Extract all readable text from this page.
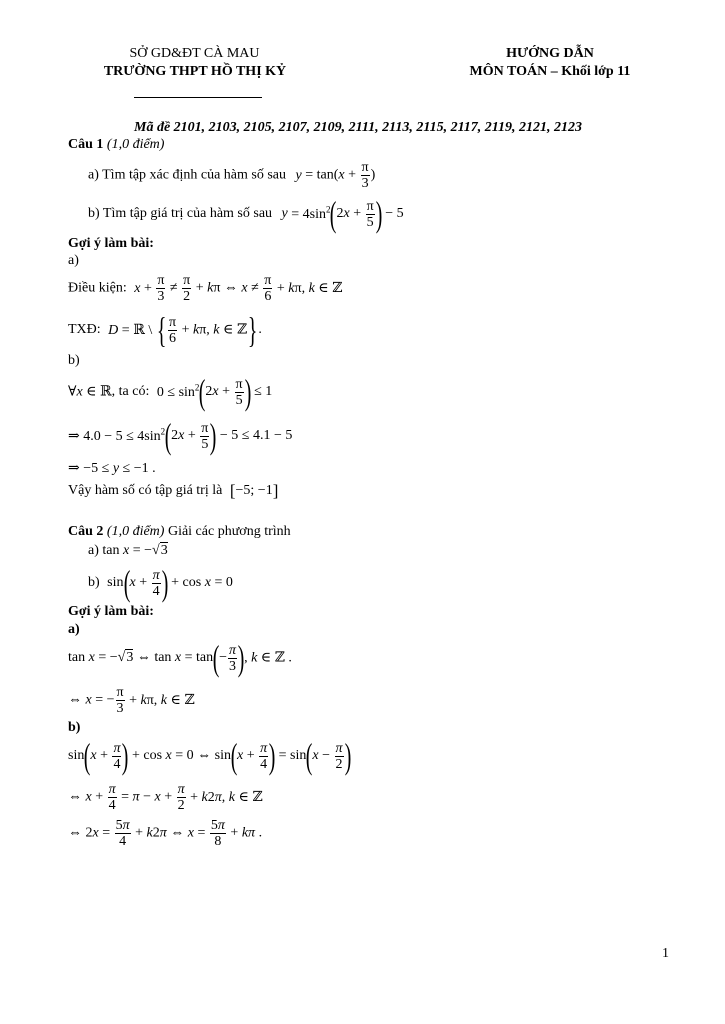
SỞ GD&ĐT CÀ MAU
TRƯỜNG THPT HỒ THỊ KỶ
HƯỚNG DẪN
MÔN TOÁN – Khối lớp 11
Mã đề 2101, 2103, 2105, 2107, 2109, 2111, 2113, 2115, 2117, 2119, 2121, 2123
Câu 1 (1,0 điểm)
a) Tìm tập xác định của hàm số sau $y = \tan(x + \frac{\pi}{3}$ )
b) Tìm tập giá trị của hàm số sau $y = 4\sin^2(2x + \frac{\pi}{5}$ ) − 5
Gợi ý làm bài:
a)
Điều kiện: $x + \frac{\pi}{3} \ne \frac{\pi}{2} + k\pi$ ⇔ $x \ne \frac{\pi}{6} + k\pi$, k ∈ ℤ
TXĐ: D = ℝ \ { $\frac{\pi}{6} + k\pi$, k ∈ ℤ}.
b)
∀x ∈ ℝ, ta có: $0 \le \sin^2(2x + \frac{\pi}{5}$ ) ≤ 1
⇒ $4.0 - 5 \le 4\sin^2(2x + \frac{\pi}{5}$ ) − 5 ≤ 4.1 − 5
⇒ −5 ≤ y ≤ −1 .
Vậy hàm số có tập giá trị là [−5; −1]
Câu 2 (1,0 điểm) Giải các phương trình
a) tan x = −√3
b) $\sin(x + \frac{\pi}{4}$ ) + cos x = 0
Gợi ý làm bài:
a)
tan x = −√3 ⇔ $\tan x = \tan(- \frac{\pi}{3}$ ), k ∈ ℤ .
⇔ x = − $\frac{\pi}{3} + k\pi$, k ∈ ℤ
b)
$\sin(x + \frac{\pi}{4}$ ) + cos x = 0 ⇔ $\sin(x + \frac{\pi}{4}$ ) = $\sin(x - \frac{\pi}{2}$ )
⇔ $x + \frac{\pi}{4} = \pi - x + \frac{\pi}{2} + k2\pi$, k ∈ ℤ
⇔ $2x = \frac{5\pi}{4} + k2\pi$ ⇔ $x = \frac{5\pi}{8} + k\pi$ .
1
